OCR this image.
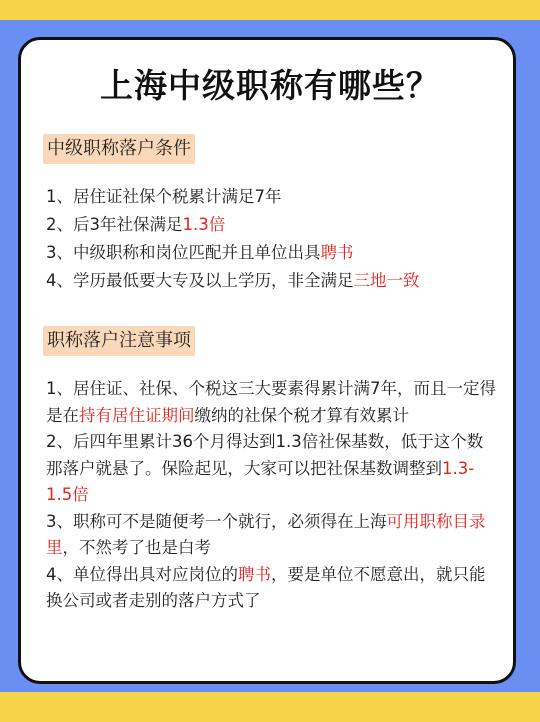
上海中级职称有哪些？
中级职称落户条件
1、居住证社保个税累计满足7年
2、后3年社保满足1.3倍
3、中级职称和岗位匹配并且单位出具聘书
4、学历最低要大专及以上学历，非全满足三地一致
职称落户注意事项
1、居住证、社保、个税这三大要素得累计满7年，而且一定得是在持有居住证期间缴纳的社保个税才算有效累计
2、后四年里累计36个月得达到1.3倍社保基数，低于这个数那落户就悬了。保险起见，大家可以把社保基数调整到1.3-1.5倍
3、职称可不是随便考一个就行，必须得在上海可用职称目录里，不然考了也是白考
4、单位得出具对应岗位的聘书，要是单位不愿意出，就只能换公司或者走别的落户方式了
